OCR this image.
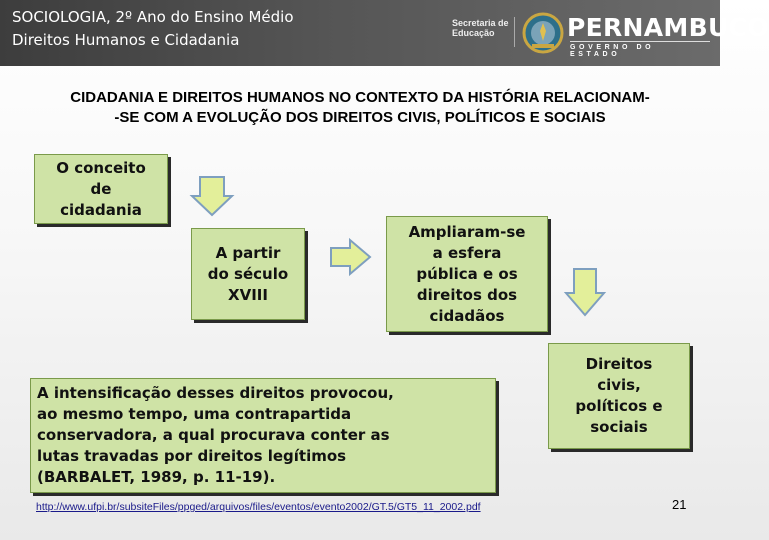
SOCIOLOGIA, 2º Ano do Ensino Médio
Direitos Humanos e Cidadania
Secretaria de
Educação	PERNAMBUCO
GOVERNO DO ESTADO
CIDADANIA E DIREITOS HUMANOS NO CONTEXTO DA HISTÓRIA RELACIONAM-
-SE COM A EVOLUÇÃO DOS DIREITOS CIVIS, POLÍTICOS E SOCIAIS
O conceito
de
cidadania
A partir
do século
XVIII
Ampliaram-se
a esfera
pública e os
direitos dos
cidadãos
Direitos
civis,
políticos e
sociais
A intensificação desses direitos provocou,
ao mesmo tempo, uma contrapartida
conservadora, a qual procurava conter as
lutas travadas por direitos legítimos
(BARBALET, 1989, p. 11-19).
http://www.ufpi.br/subsiteFiles/ppged/arquivos/files/eventos/evento2002/GT.5/GT5_11_2002.pdf	21
